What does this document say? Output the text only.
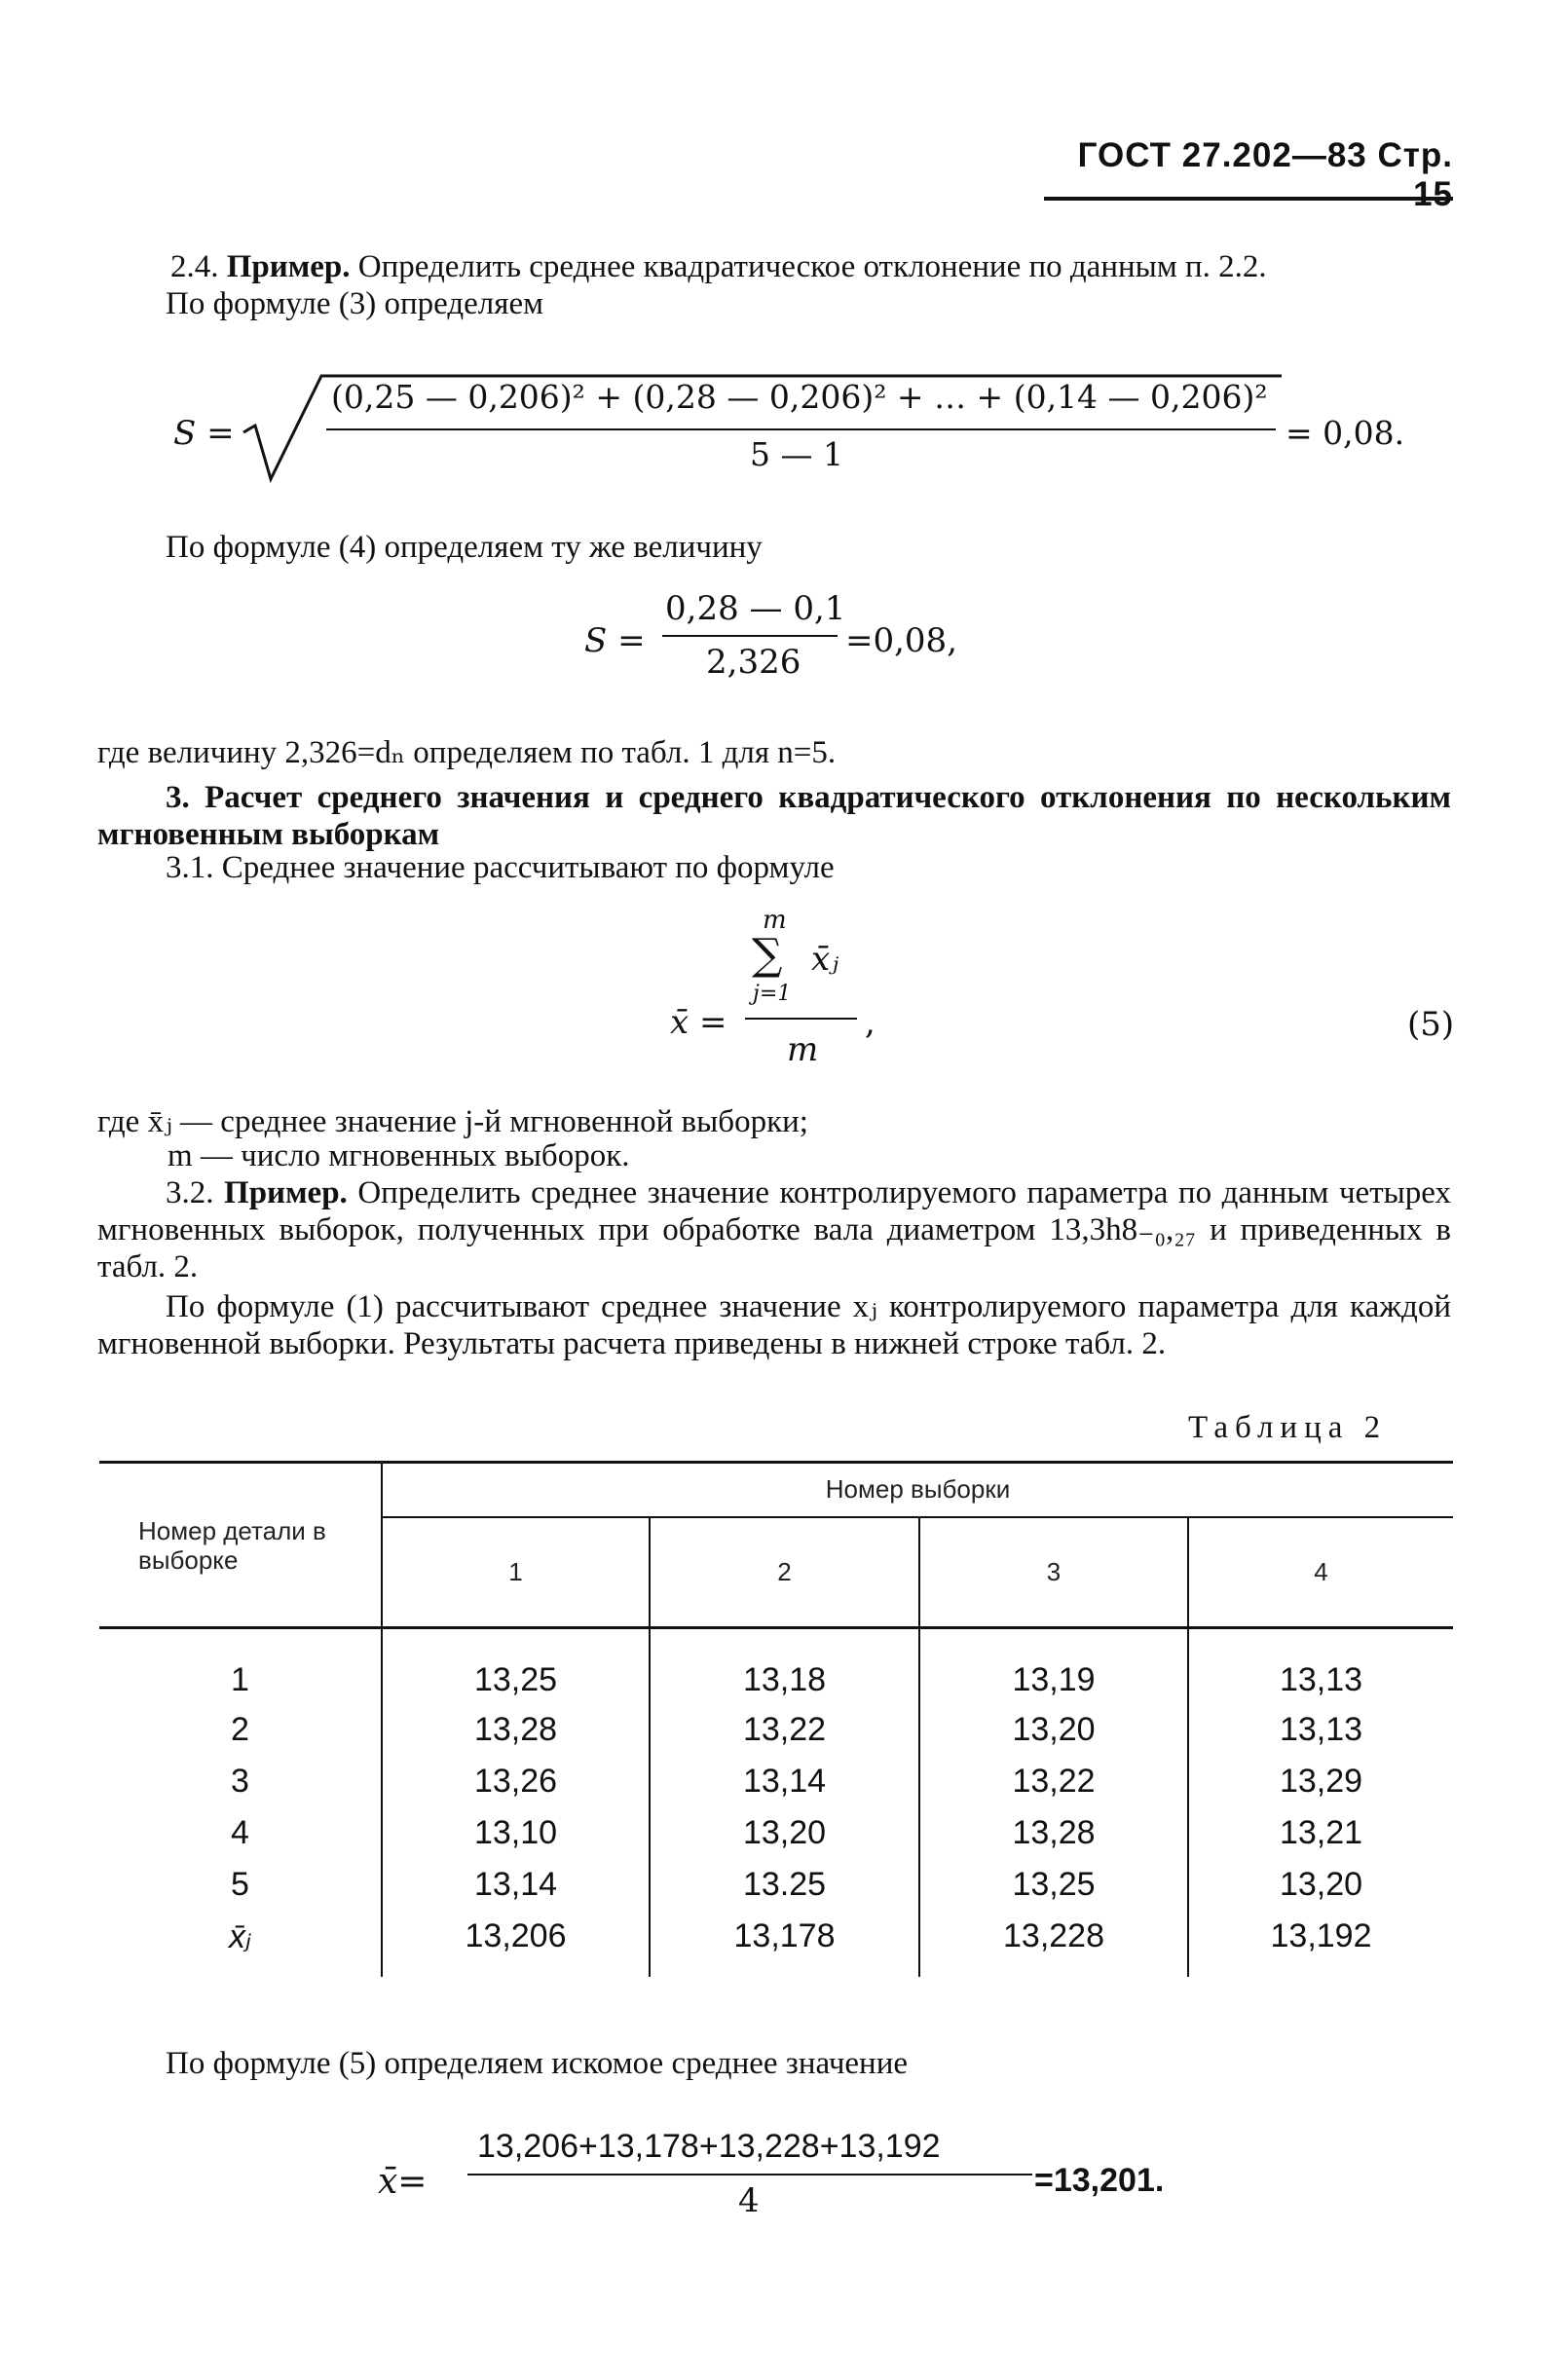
ГОСТ 27.202—83 Стр. 15
2.4. Пример. Определить среднее квадратическое отклонение по данным п. 2.2.
По формуле (3) определяем
S =
(0,25 — 0,206)² + (0,28 — 0,206)² + … + (0,14 — 0,206)²
5 — 1
= 0,08.
По формуле (4) определяем ту же величину
S =
0,28 — 0,1
2,326
=0,08,
где величину 2,326=dₙ определяем по табл. 1 для n=5.
3. Расчет среднего значения и среднего квадратического отклонения по нескольким мгновенным выборкам
3.1. Среднее значение рассчитывают по формуле
x̄ =
m
∑ x̄ⱼ
j=1
m
,	(5)
где x̄ⱼ — среднее значение j-й мгновенной выборки;
m — число мгновенных выборок.
3.2. Пример. Определить среднее значение контролируемого параметра по данным четырех мгновенных выборок, полученных при обработке вала диаметром 13,3h8₋₀,₂₇ и приведенных в табл. 2.
По формуле (1) рассчитывают среднее значение xⱼ контролируемого параметра для каждой мгновенной выборки. Результаты расчета приведены в нижней строке табл. 2.
Таблица 2
Номер детали в выборке	Номер выборки			
	1	2	3	4
1	13,25	13,18	13,19	13,13
2	13,28	13,22	13,20	13,13
3	13,26	13,14	13,22	13,29
4	13,10	13,20	13,28	13,21
5	13,14	13.25	13,25	13,20
x̄ⱼ	13,206	13,178	13,228	13,192
По формуле (5) определяем искомое среднее значение
x̄=
13,206+13,178+13,228+13,192
4
=13,201.
